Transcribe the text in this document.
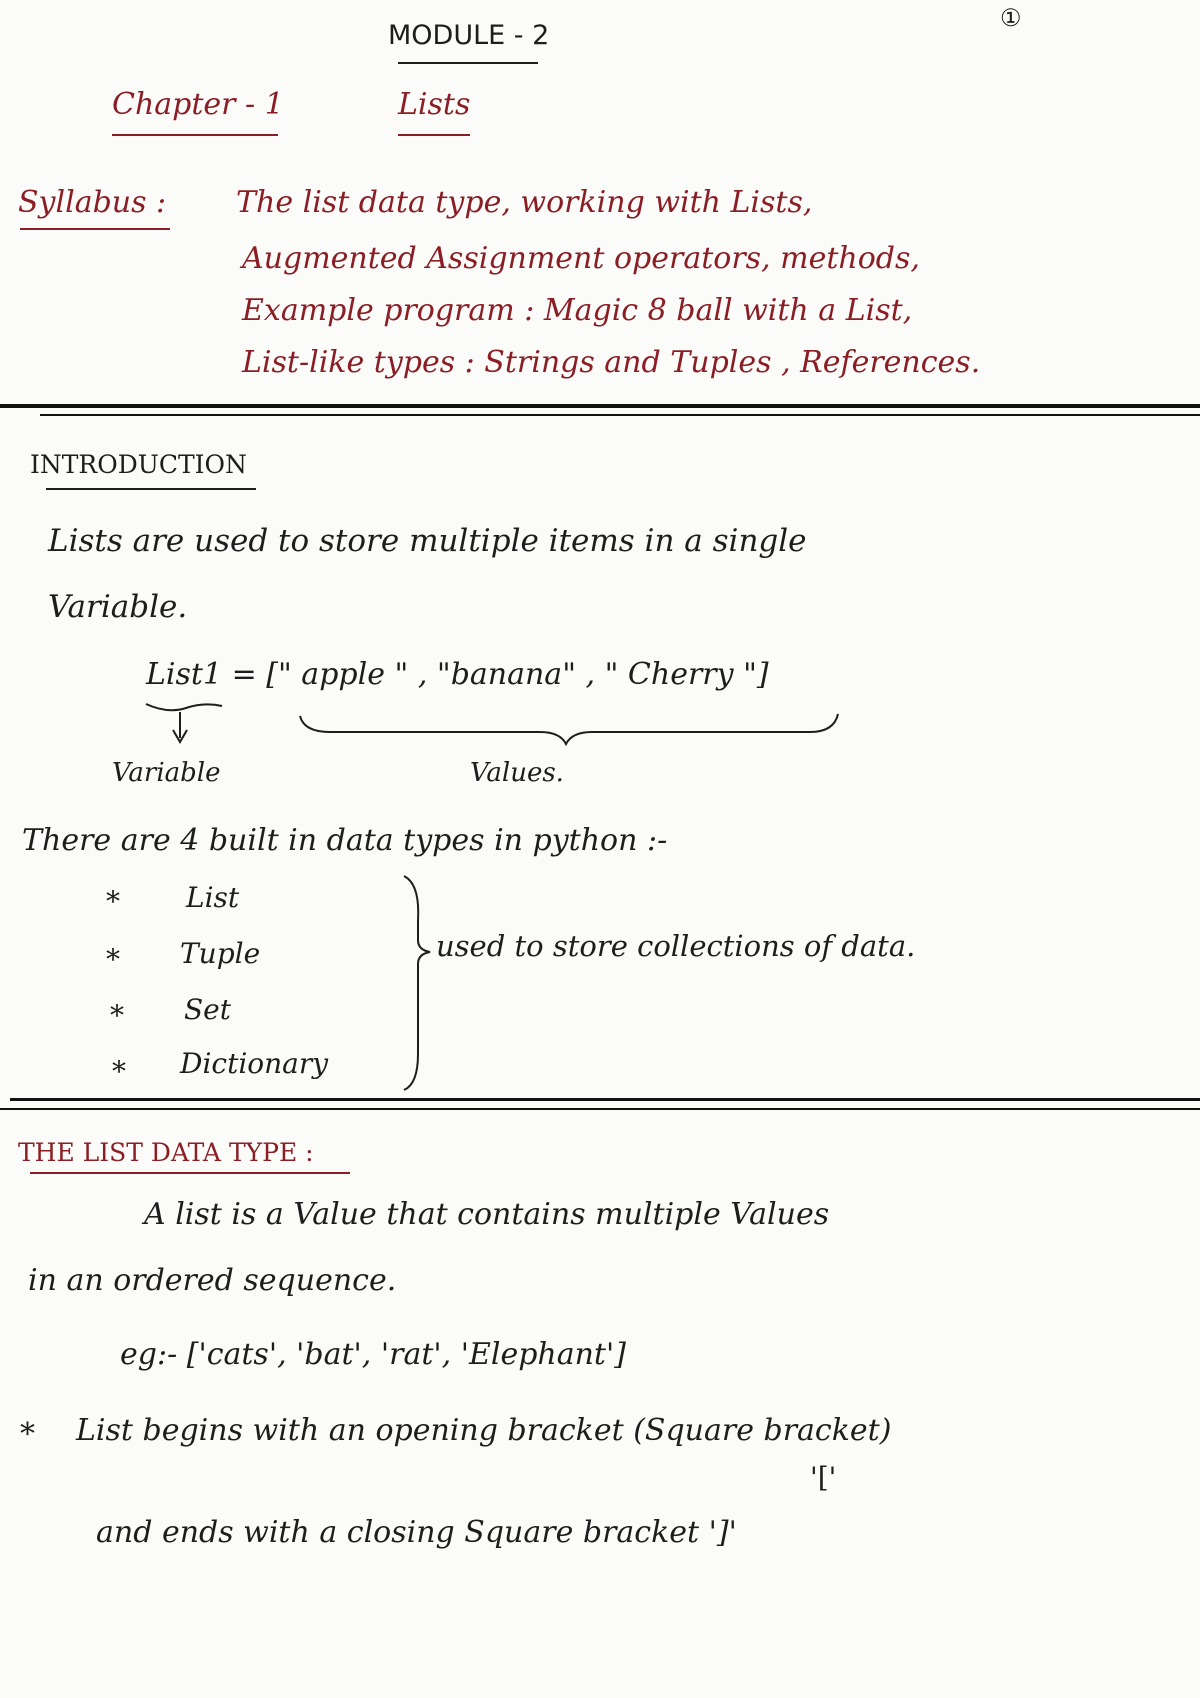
①
MODULE - 2
Chapter - 1	Lists
Syllabus : The list data type, working with Lists,
Augmented Assignment operators, methods,
Example program : Magic 8 ball with a List,
List-like types : Strings and Tuples , References.
INTRODUCTION
Lists are used to store multiple items in a single
Variable.
List1 = [" apple " , "banana" , " Cherry "]
Variable	Values.
There are 4 built in data types in python :-
* List
* Tuple
* Set
* Dictionary
used to store collections of data.
THE LIST DATA TYPE :
A list is a Value that contains multiple Values
in an ordered sequence.
eg:- ['cats', 'bat', 'rat', 'Elephant']
* List begins with an opening bracket (Square bracket)
'['
and ends with a closing Square bracket ']'
